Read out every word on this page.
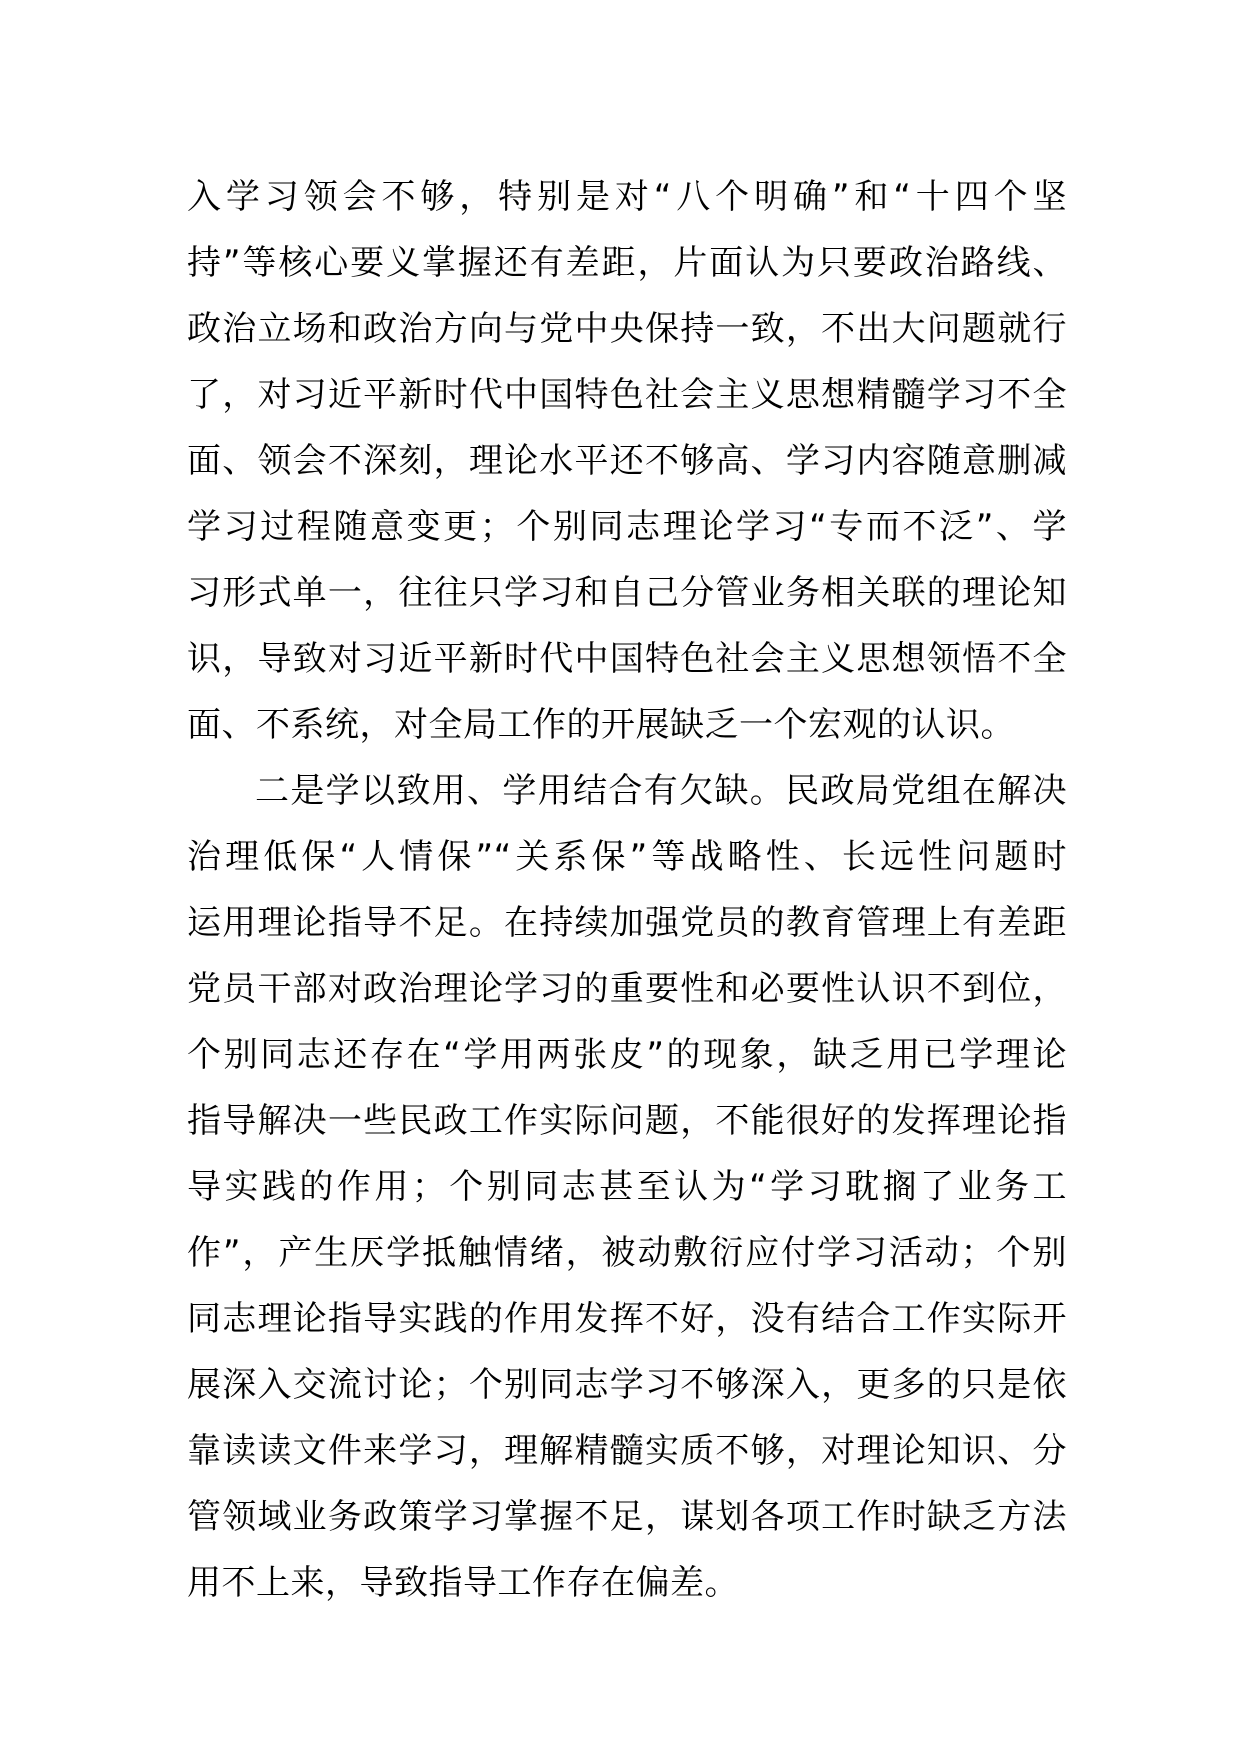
入学习领会不够，特别是对“八个明确”和“十四个坚
持”等核心要义掌握还有差距，片面认为只要政治路线、
政治立场和政治方向与党中央保持一致，不出大问题就行
了，对习近平新时代中国特色社会主义思想精髓学习不全
面、领会不深刻，理论水平还不够高、学习内容随意删减
学习过程随意变更；个别同志理论学习“专而不泛”、学
习形式单一，往往只学习和自己分管业务相关联的理论知
识，导致对习近平新时代中国特色社会主义思想领悟不全
面、不系统，对全局工作的开展缺乏一个宏观的认识。
二是学以致用、学用结合有欠缺。民政局党组在解决
治理低保“人情保”“关系保”等战略性、长远性问题时
运用理论指导不足。在持续加强党员的教育管理上有差距
党员干部对政治理论学习的重要性和必要性认识不到位，
个别同志还存在“学用两张皮”的现象，缺乏用已学理论
指导解决一些民政工作实际问题，不能很好的发挥理论指
导实践的作用；个别同志甚至认为“学习耽搁了业务工
作”，产生厌学抵触情绪，被动敷衍应付学习活动；个别
同志理论指导实践的作用发挥不好，没有结合工作实际开
展深入交流讨论；个别同志学习不够深入，更多的只是依
靠读读文件来学习，理解精髓实质不够，对理论知识、分
管领域业务政策学习掌握不足，谋划各项工作时缺乏方法
用不上来，导致指导工作存在偏差。
